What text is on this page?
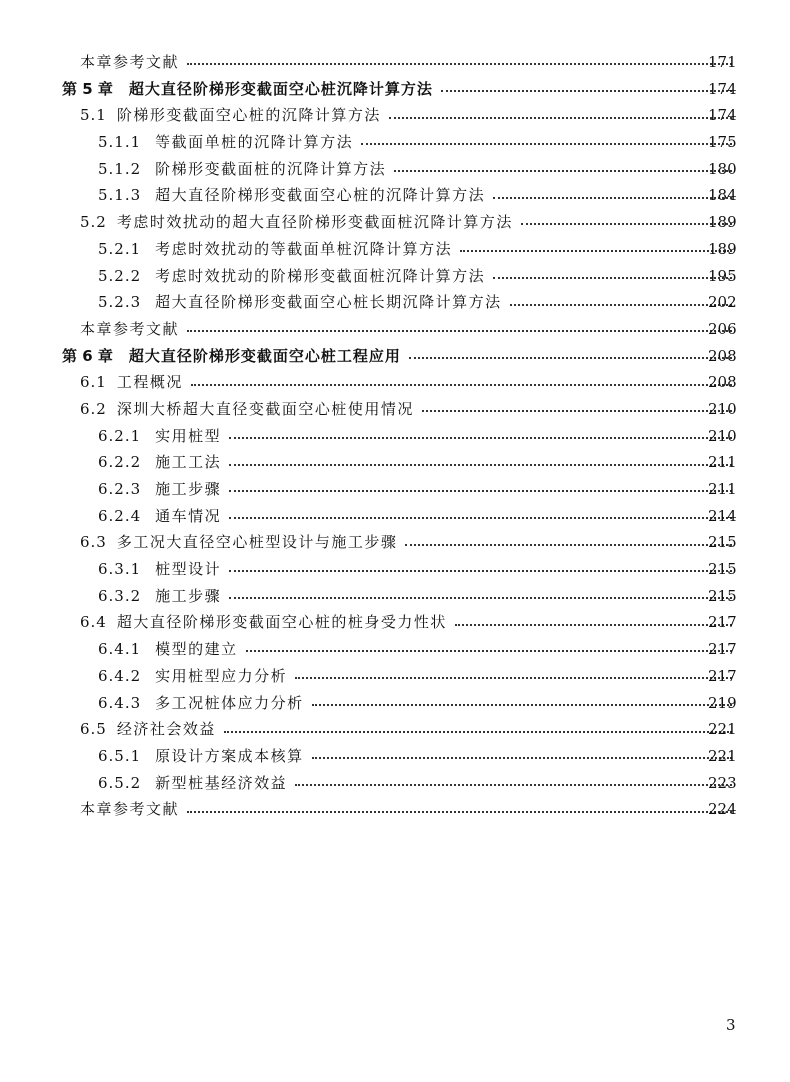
本章参考文献	171
第 5 章 超大直径阶梯形变截面空心桩沉降计算方法	174
5.1 阶梯形变截面空心桩的沉降计算方法	174
5.1.1 等截面单桩的沉降计算方法	175
5.1.2 阶梯形变截面桩的沉降计算方法	180
5.1.3 超大直径阶梯形变截面空心桩的沉降计算方法	184
5.2 考虑时效扰动的超大直径阶梯形变截面桩沉降计算方法	189
5.2.1 考虑时效扰动的等截面单桩沉降计算方法	189
5.2.2 考虑时效扰动的阶梯形变截面桩沉降计算方法	195
5.2.3 超大直径阶梯形变截面空心桩长期沉降计算方法	202
本章参考文献	206
第 6 章 超大直径阶梯形变截面空心桩工程应用	208
6.1 工程概况	208
6.2 深圳大桥超大直径变截面空心桩使用情况	210
6.2.1 实用桩型	210
6.2.2 施工工法	211
6.2.3 施工步骤	211
6.2.4 通车情况	214
6.3 多工况大直径空心桩型设计与施工步骤	215
6.3.1 桩型设计	215
6.3.2 施工步骤	215
6.4 超大直径阶梯形变截面空心桩的桩身受力性状	217
6.4.1 模型的建立	217
6.4.2 实用桩型应力分析	217
6.4.3 多工况桩体应力分析	219
6.5 经济社会效益	221
6.5.1 原设计方案成本核算	221
6.5.2 新型桩基经济效益	223
本章参考文献	224
3
